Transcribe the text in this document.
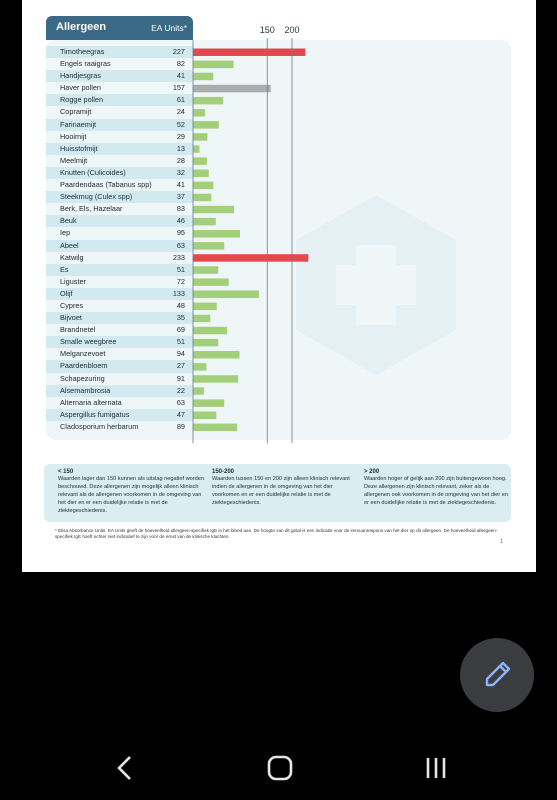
Allergeen	EA Units*
Timotheegras	227
Engels raaigras	82
Handjesgras	41
Haver pollen	157
Rogge pollen	61
Copramijt	24
Farinaemijt	52
Hooimijt	29
Huisstofmijt	13
Meelmijt	28
Knutten (Culicoides)	32
Paardendaas (Tabanus spp)	41
Steekmug (Culex spp)	37
Berk, Els, Hazelaar	83
Beuk	46
Iep	95
Abeel	63
Katwilg	233
Es	51
Liguster	72
Olijf	133
Cypres	48
Bijvoet	35
Brandnetel	69
Smalle weegbree	51
Melganzevoet	94
Paardenbloem	27
Schapezuring	91
Alsemambrosia	22
Alternaria alternata	63
Aspergillus fumigatus	47
Cladosporium herbarum	89
150 200
< 150
Waarden lager dan 150 kunnen als uitslag negatief worden beschouwd. Deze allergenen zijn mogelijk alleen klinisch relevant als de allergenen voorkomen in de omgeving van het dier en er een duidelijke relatie is met de ziektegeschiedenis.
150-200
Waarden tussen 150 en 200 zijn alleen klinisch relevant indien de allergenen in de omgeving van het dier voorkomen en er een duidelijke relatie is met de ziektegeschiedenis.
> 200
Waarden hoger of gelijk aan 200 zijn buitengewoon hoog. Deze allergenen zijn klinisch relevant, zeker als de allergenen ook voorkomen in de omgeving van het dier en er een duidelijke relatie is met de ziektegeschiedenis.
* Elisa Absorbance Units. EA Units geeft de hoeveelheid allergeen-specifiek IgE in het bloed aan. De hoogte van dit getal is een indicatie voor de immuunrespons van het dier op dit allergeen. De hoeveelheid allergeen-specifiek IgE hoeft echter niet indicatief te zijn voor de ernst van de klinische klachten.
1
